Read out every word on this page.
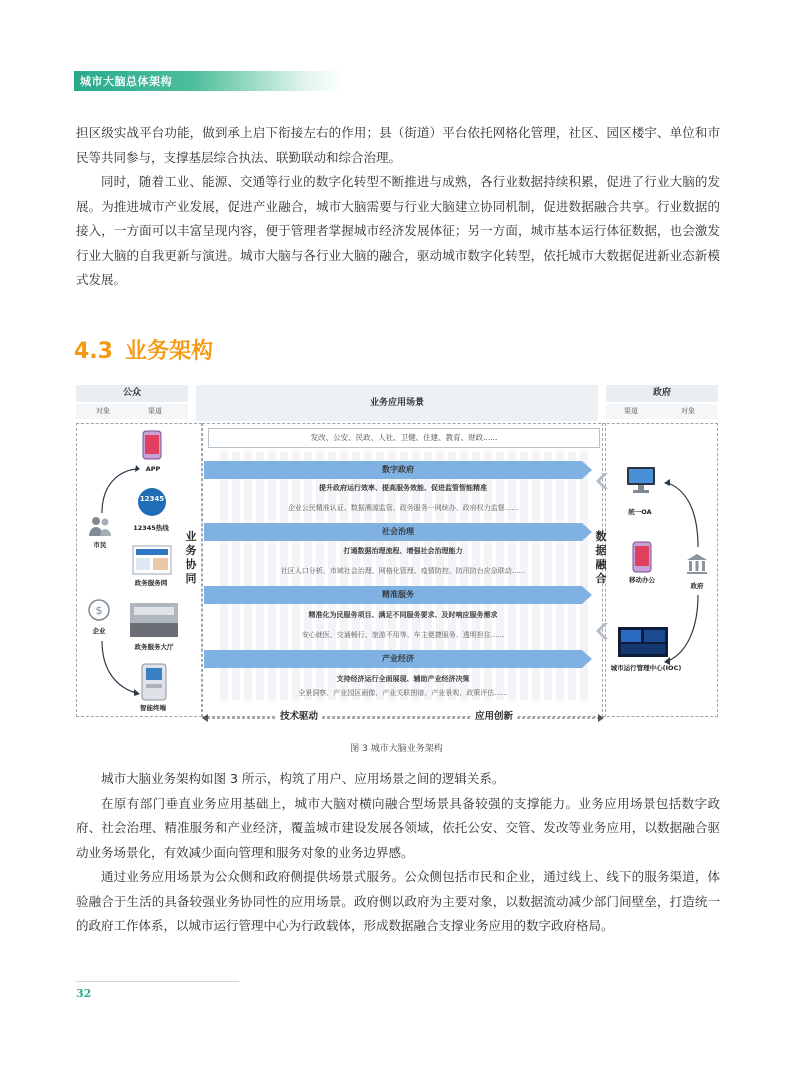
城市大脑总体架构

担区级实战平台功能，做到承上启下衔接左右的作用；县（街道）平台依托网格化管理，社区、园区楼宇、单位和市民等共同参与，支撑基层综合执法、联勤联动和综合治理。

同时，随着工业、能源、交通等行业的数字化转型不断推进与成熟，各行业数据持续积累，促进了行业大脑的发展。为推进城市产业发展，促进产业融合，城市大脑需要与行业大脑建立协同机制，促进数据融合共享。行业数据的接入，一方面可以丰富呈现内容，便于管理者掌握城市经济发展体征；另一方面，城市基本运行体征数据，也会激发行业大脑的自我更新与演进。城市大脑与各行业大脑的融合，驱动城市数字化转型，依托城市大数据促进新业态新模式发展。

4.3 业务架构
公众
对象	渠道
业务应用场景
发改、公安、民政、人社、卫健、住建、教育、财政......
数字政府
提升政府运行效率、提高服务效能、促进监管智能精准
企业公民精准认证、数据溯源监管、政务服务一网统办、政府权力监督......
社会治理
打通数据治理流程、增强社会治理能力
社区人口分析、市域社会治理、网格化管理、疫情防控、防汛防台应急联动......
精准服务
精准化为民服务项目、满足不同服务要求、及时响应服务需求
安心就医、交通畅行、旅游不用等、车主便捷服务、透明担住......
产业经济
支持经济运行全面展现、辅助产业经济决策
全景洞察、产业园区画像、产业关联图谱、产业景观、政策评估......
政府
渠道	对象
APP
12345
12345热线
政务服务网
政务服务大厅
智能终端
市民
$
企业
业
务
协
同
数
据
融
合
统一OA
移动办公
城市运行管理中心(IOC)
政府
技术驱动	应用创新
图 3 城市大脑业务架构

城市大脑业务架构如图 3 所示，构筑了用户、应用场景之间的逻辑关系。

在原有部门垂直业务应用基础上，城市大脑对横向融合型场景具备较强的支撑能力。业务应用场景包括数字政府、社会治理、精准服务和产业经济，覆盖城市建设发展各领域，依托公安、交管、发改等业务应用，以数据融合驱动业务场景化，有效减少面向管理和服务对象的业务边界感。

通过业务应用场景为公众侧和政府侧提供场景式服务。公众侧包括市民和企业，通过线上、线下的服务渠道，体验融合于生活的具备较强业务协同性的应用场景。政府侧以政府为主要对象，以数据流动减少部门间壁垒，打造统一的政府工作体系，以城市运行管理中心为行政载体，形成数据融合支撑业务应用的数字政府格局。

32
